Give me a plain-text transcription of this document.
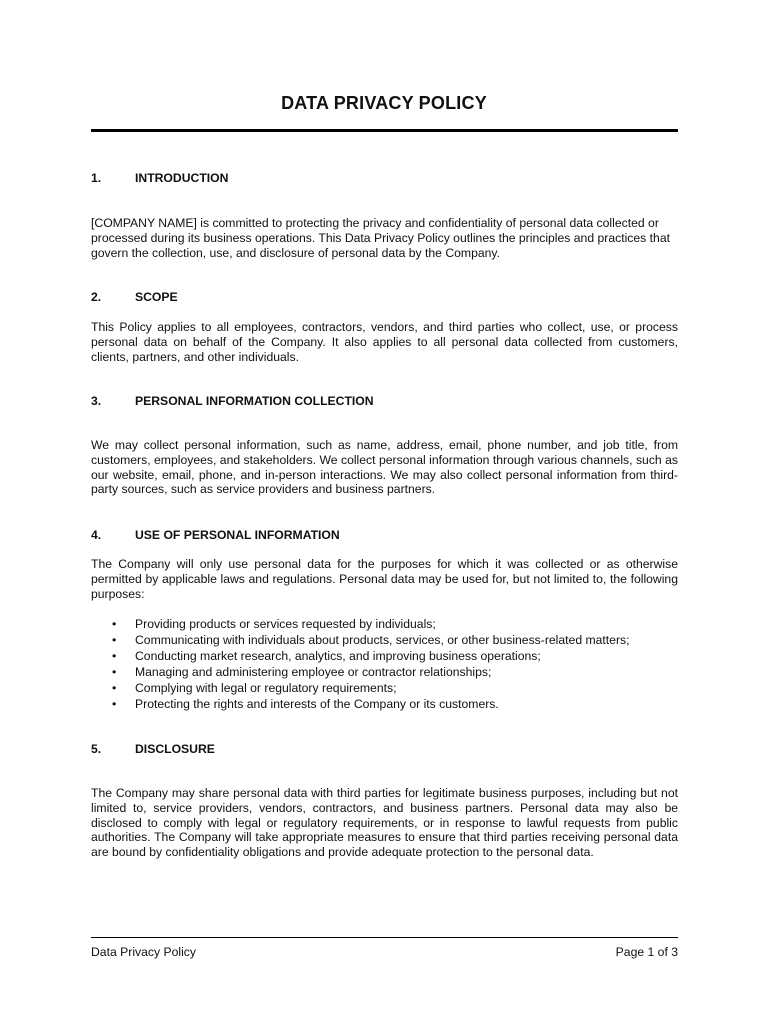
DATA PRIVACY POLICY
1.	INTRODUCTION

[COMPANY NAME] is committed to protecting the privacy and confidentiality of personal data collected or processed during its business operations. This Data Privacy Policy outlines the principles and practices that govern the collection, use, and disclosure of personal data by the Company.

2.	SCOPE

This Policy applies to all employees, contractors, vendors, and third parties who collect, use, or process personal data on behalf of the Company. It also applies to all personal data collected from customers, clients, partners, and other individuals.

3.	PERSONAL INFORMATION COLLECTION

We may collect personal information, such as name, address, email, phone number, and job title, from customers, employees, and stakeholders. We collect personal information through various channels, such as our website, email, phone, and in-person interactions. We may also collect personal information from third-party sources, such as service providers and business partners.

4.	USE OF PERSONAL INFORMATION

The Company will only use personal data for the purposes for which it was collected or as otherwise permitted by applicable laws and regulations. Personal data may be used for, but not limited to, the following purposes:

• Providing products or services requested by individuals;
• Communicating with individuals about products, services, or other business-related matters;
• Conducting market research, analytics, and improving business operations;
• Managing and administering employee or contractor relationships;
• Complying with legal or regulatory requirements;
• Protecting the rights and interests of the Company or its customers.
5.	DISCLOSURE

The Company may share personal data with third parties for legitimate business purposes, including but not limited to, service providers, vendors, contractors, and business partners. Personal data may also be disclosed to comply with legal or regulatory requirements, or in response to lawful requests from public authorities. The Company will take appropriate measures to ensure that third parties receiving personal data are bound by confidentiality obligations and provide adequate protection to the personal data.

Data Privacy Policy	Page 1 of 3
